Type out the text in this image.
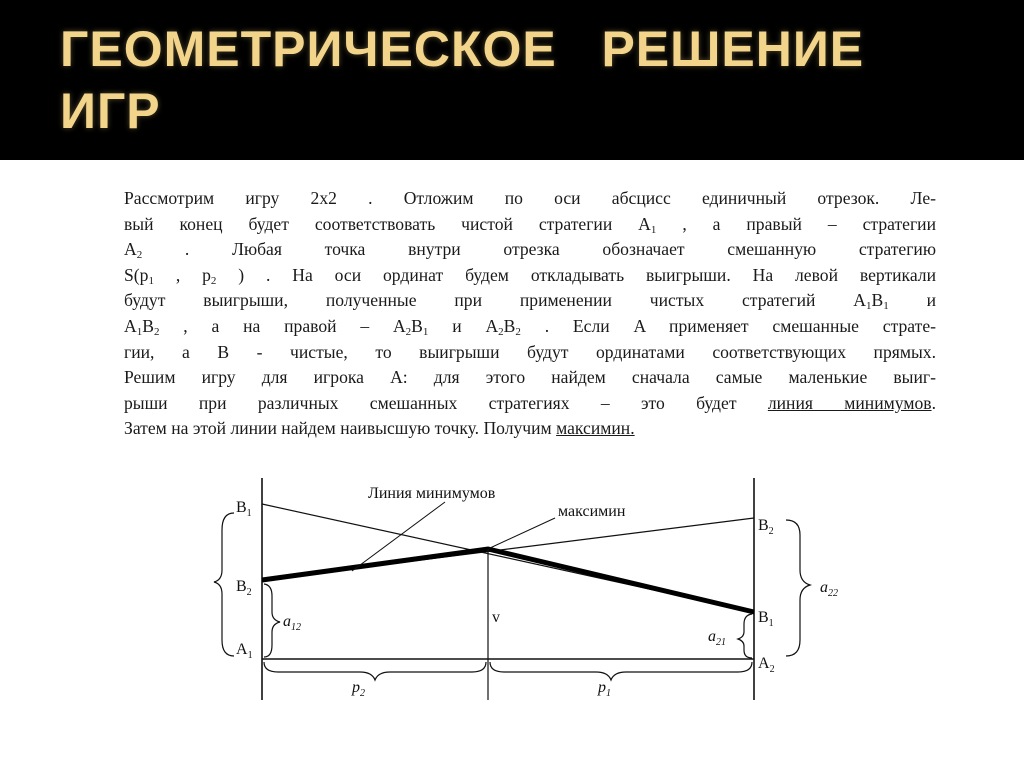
ГЕОМЕТРИЧЕСКОЕ   РЕШЕНИЕ
ИГР
Рассмотрим игру 2x2 . Отложим по оси абсцисс единичный отрезок. Ле-
вый конец будет соответствовать чистой стратегии $A_1$ , а правый – стратегии
$A_2$ . Любая точка внутри отрезка обозначает смешанную стратегию
$S(p_1$ , $p_2$ ) . На оси ординат будем откладывать выигрыши. На левой вертикали
будут выигрыши, полученные при применении чистых стратегий $A_1B_1$ и
$A_1B_2$ , а на правой – $A_2B_1$ и $A_2B_2$ . Если A применяет смешанные страте-
гии, а B - чистые, то выигрыши будут ординатами соответствующих прямых.
Решим игру для игрока A: для этого найдем сначала самые маленькие выиг-
рыши при различных смешанных стратегиях – это будет линия минимумов.
Затем на этой линии найдем наивысшую точку. Получим максимин.
Линия минимумов
максимин
$B_1$
$B_2$
$A_1$
$B_2$
$B_1$
$A_2$
$a_{12}$
$a_{21}$
$a_{22}$
v
$p_2$	$p_1$
